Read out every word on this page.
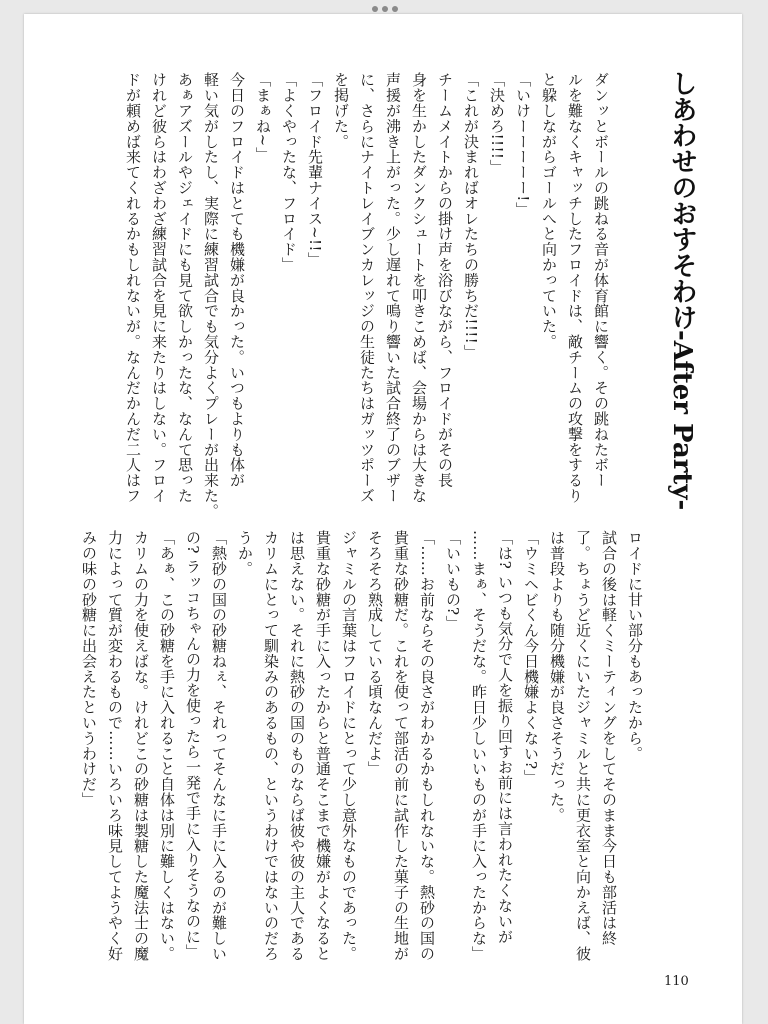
しあわせのおすそわけ-After Party-
ダンッとボールの跳ねる音が体育館に響く。その跳ねたボー
ルを難なくキャッチしたフロイドは、敵チームの攻撃をするり
と躱しながらゴールへと向かっていた。
「いけーーーーー!」
「決めろ!!!!」
「これが決まればオレたちの勝ちだ!!!!」
チームメイトからの掛け声を浴びながら、フロイドがその長
身を生かしたダンクシュートを叩きこめば、会場からは大きな
声援が沸き上がった。少し遅れて鳴り響いた試合終了のブザー
に、さらにナイトレイブンカレッジの生徒たちはガッツポーズ
を掲げた。
「フロイド先輩ナイス~!!」
「よくやったな、フロイド」
「まぁね~」
今日のフロイドはとても機嫌が良かった。いつもよりも体が
軽い気がしたし、実際に練習試合でも気分よくプレーが出来た。
あぁアズールやジェイドにも見て欲しかったな、なんて思った
けれど彼らはわざわざ練習試合を見に来たりはしない。フロイ
ドが頼めば来てくれるかもしれないが。なんだかんだ二人はフ
ロイドに甘い部分もあったから。
試合の後は軽くミーティングをしてそのまま今日も部活は終
了。ちょうど近くにいたジャミルと共に更衣室と向かえば、彼
は普段よりも随分機嫌が良さそうだった。
「ウミヘビくん今日機嫌よくない?」
「は? いつも気分で人を振り回すお前には言われたくないが
……まぁ、そうだな。昨日少しいいものが手に入ったからな」
「いいもの?」
「……お前ならその良さがわかるかもしれないな。熱砂の国の
貴重な砂糖だ。これを使って部活の前に試作した菓子の生地が
そろそろ熟成している頃なんだよ」
ジャミルの言葉はフロイドにとって少し意外なものであった。
貴重な砂糖が手に入ったからと普通そこまで機嫌がよくなると
は思えない。それに熱砂の国のものならば彼や彼の主人である
カリムにとって馴染みのあるもの、というわけではないのだろ
うか。
「熱砂の国の砂糖ねぇ、それってそんなに手に入るのが難しい
の? ラッコちゃんの力を使ったら一発で手に入りそうなのに」
「あぁ、この砂糖を手に入れること自体は別に難しくはない。
カリムの力を使えばな。けれどこの砂糖は製糖した魔法士の魔
力によって質が変わるもので……いろいろ味見してようやく好
みの味の砂糖に出会えたというわけだ」
110
